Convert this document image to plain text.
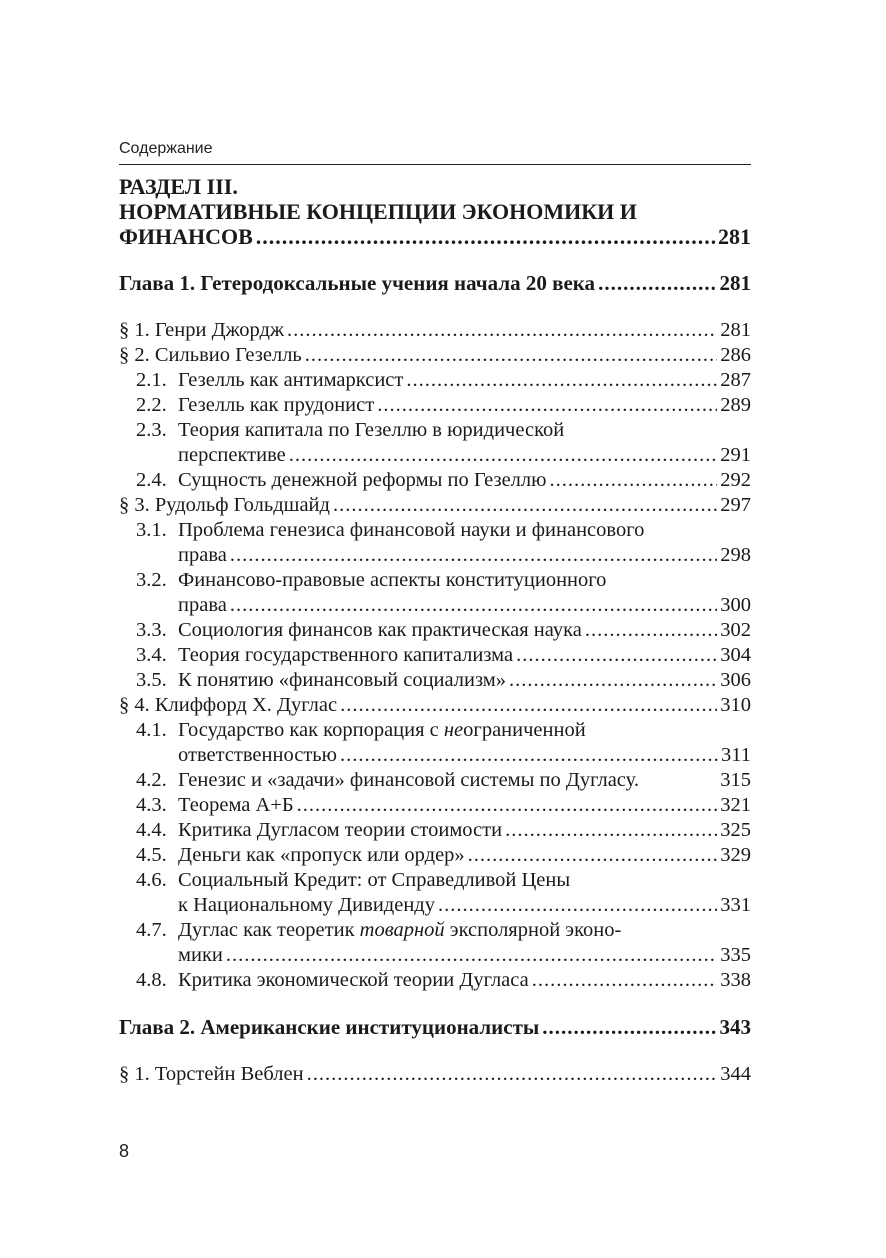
Содержание
РАЗДЕЛ III.
НОРМАТИВНЫЕ КОНЦЕПЦИИ ЭКОНОМИКИ И
ФИНАНСОВ .....	281
Глава 1. Гетеродоксальные учения начала 20 века .....	281
§ 1.
Генри Джордж .....	281
§ 2.
Сильвио Гезелль .....	286
2.1. Гезелль как антимарксист .....	287
2.2. Гезелль как прудонист .....	289
2.3. Теория капитала по Гезеллю в юридической
перспективе .....	291
2.4. Сущность денежной реформы по Гезеллю .....	292
§ 3.
Рудольф Гольдшайд .....	297
3.1. Проблема генезиса финансовой науки и финансового
права .....	298
3.2. Финансово-правовые аспекты конституционного
права .....	300
3.3. Социология финансов как практическая наука .....	302
3.4. Теория государственного капитализма .....	304
3.5. К понятию «финансовый социализм» .....	306
§ 4.
Клиффорд Х. Дуглас .....	310
4.1. Государство как корпорация с неограниченной
ответственностью .....	311
4.2. Генезис и «задачи» финансовой системы по Дугласу.	315
4.3. Теорема А+Б .....	321
4.4. Критика Дугласом теории стоимости .....	325
4.5. Деньги как «пропуск или ордер» .....	329
4.6. Социальный Кредит: от Справедливой Цены
к Национальному Дивиденду .....	331
4.7. Дуглас как теоретик товарной эксполярной эконо-
мики .....	335
4.8. Критика экономической теории Дугласа .....	338
Глава 2. Американские институционалисты .....	343
§ 1.
Торстейн Веблен .....	344
8
